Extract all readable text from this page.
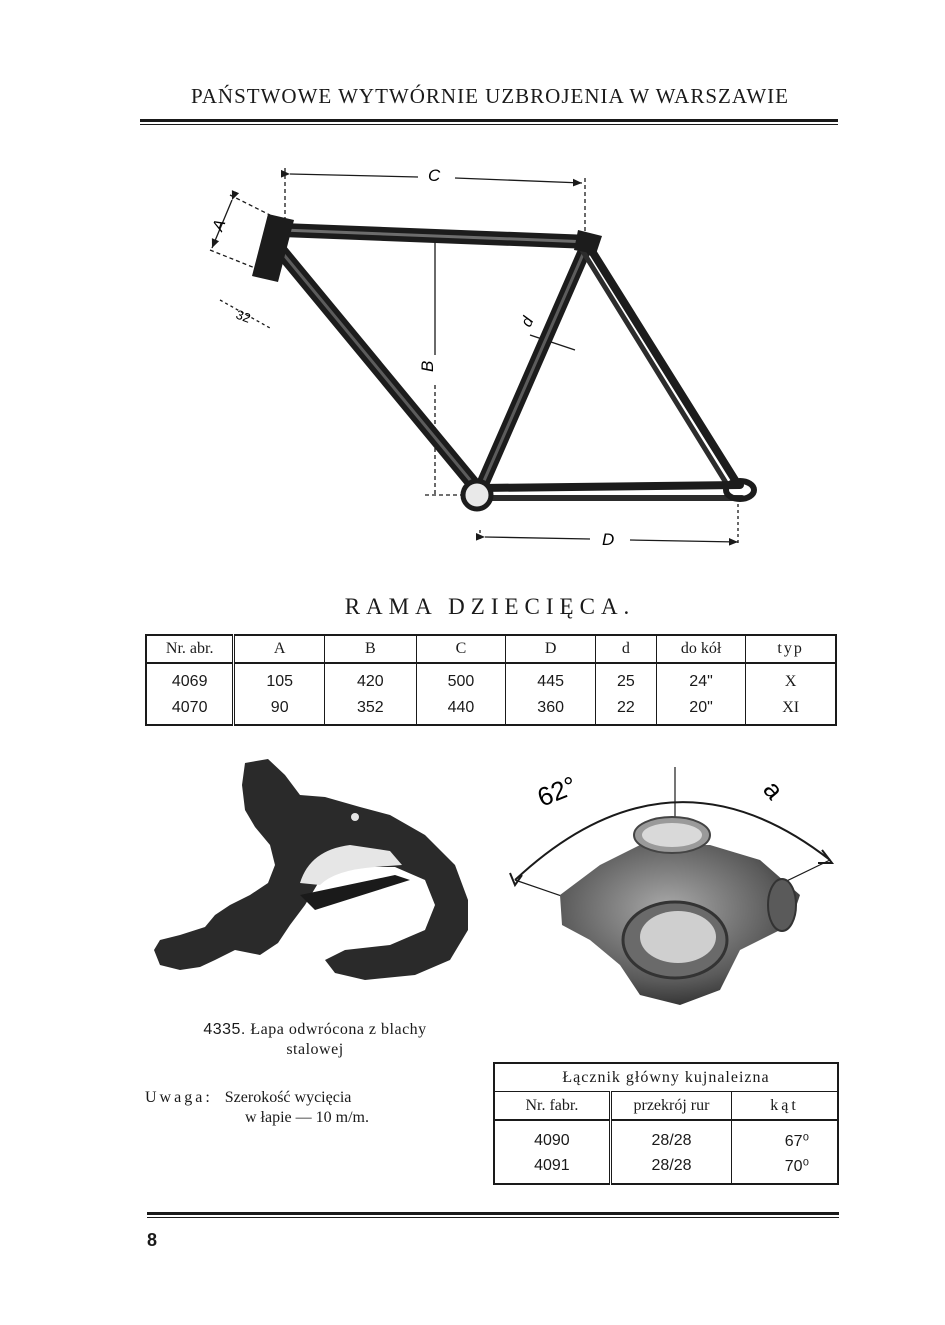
PAŃSTWOWE WYTWÓRNIE UZBROJENIA W WARSZAWIE
C
A
32
B
d
D
RAMA DZIECIĘCA.
Nr. abr.	A	B	C	D	d	do kół	typ
4069	105	420	500	445	25	24"	X
4070	90	352	440	360	22	20"	XI
62°	a
4335. Łapa odwrócona z blachy
stalowej
Uwaga: Szerokość wycięcia
w łapie — 10 m/m.
Łącznik główny kujnaleizna		
Nr. fabr.	przekrój rur	kąt
4090	28/28	67⁰
4091	28/28	70⁰
8
